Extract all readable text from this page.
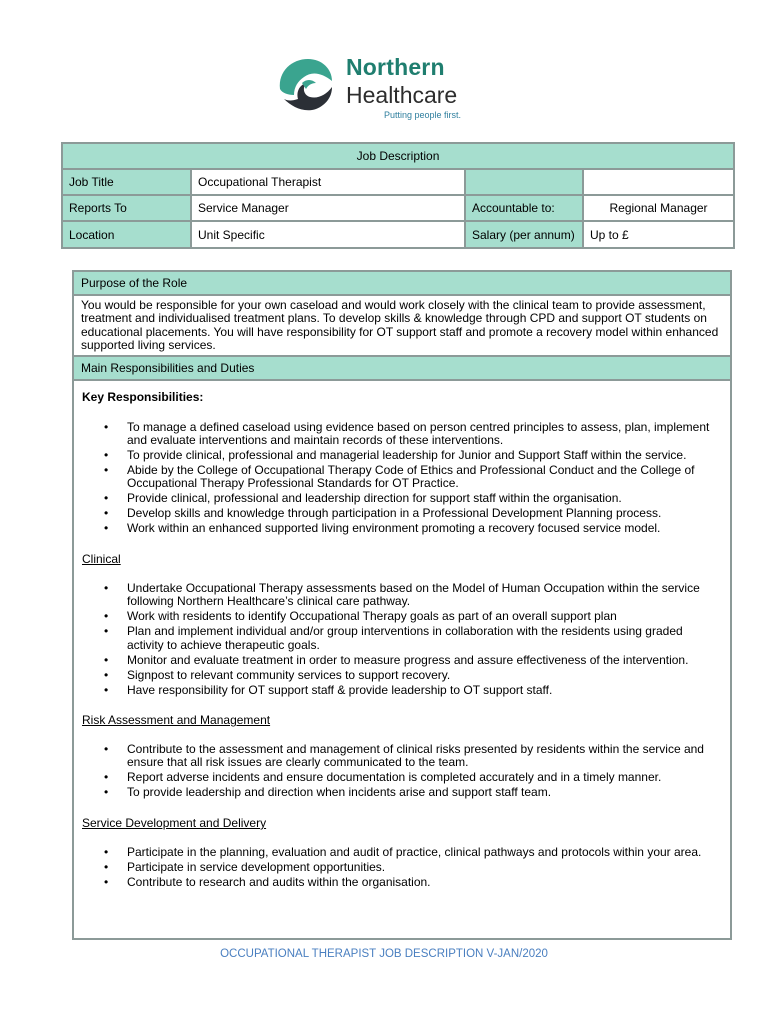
Northern
Healthcare
Putting people first.
Job Description			
Job Title	Occupational Therapist		
Reports To	Service Manager	Accountable to:	Regional Manager
Location	Unit Specific	Salary (per annum)	Up to £
Purpose of the Role
You would be responsible for your own caseload and would work closely with the clinical team to provide assessment, treatment and individualised treatment plans. To develop skills & knowledge through CPD and support OT students on educational placements. You will have responsibility for OT support staff and promote a recovery model within enhanced supported living services.
Main Responsibilities and Duties
Key Responsibilities:
• To manage a defined caseload using evidence based on person centred principles to assess, plan, implement and evaluate interventions and maintain records of these interventions.
• To provide clinical, professional and managerial leadership for Junior and Support Staff within the service.
• Abide by the College of Occupational Therapy Code of Ethics and Professional Conduct and the College of Occupational Therapy Professional Standards for OT Practice.
• Provide clinical, professional and leadership direction for support staff within the organisation.
• Develop skills and knowledge through participation in a Professional Development Planning process.
• Work within an enhanced supported living environment promoting a recovery focused service model.
Clinical
• Undertake Occupational Therapy assessments based on the Model of Human Occupation within the service following Northern Healthcare’s clinical care pathway.
• Work with residents to identify Occupational Therapy goals as part of an overall support plan
• Plan and implement individual and/or group interventions in collaboration with the residents using graded activity to achieve therapeutic goals.
• Monitor and evaluate treatment in order to measure progress and assure effectiveness of the intervention.
• Signpost to relevant community services to support recovery.
• Have responsibility for OT support staff & provide leadership to OT support staff.
Risk Assessment and Management
• Contribute to the assessment and management of clinical risks presented by residents within the service and ensure that all risk issues are clearly communicated to the team.
• Report adverse incidents and ensure documentation is completed accurately and in a timely manner.
• To provide leadership and direction when incidents arise and support staff team.
Service Development and Delivery
• Participate in the planning, evaluation and audit of practice, clinical pathways and protocols within your area.
• Participate in service development opportunities.
• Contribute to research and audits within the organisation.
OCCUPATIONAL THERAPIST JOB DESCRIPTION V-JAN/2020
